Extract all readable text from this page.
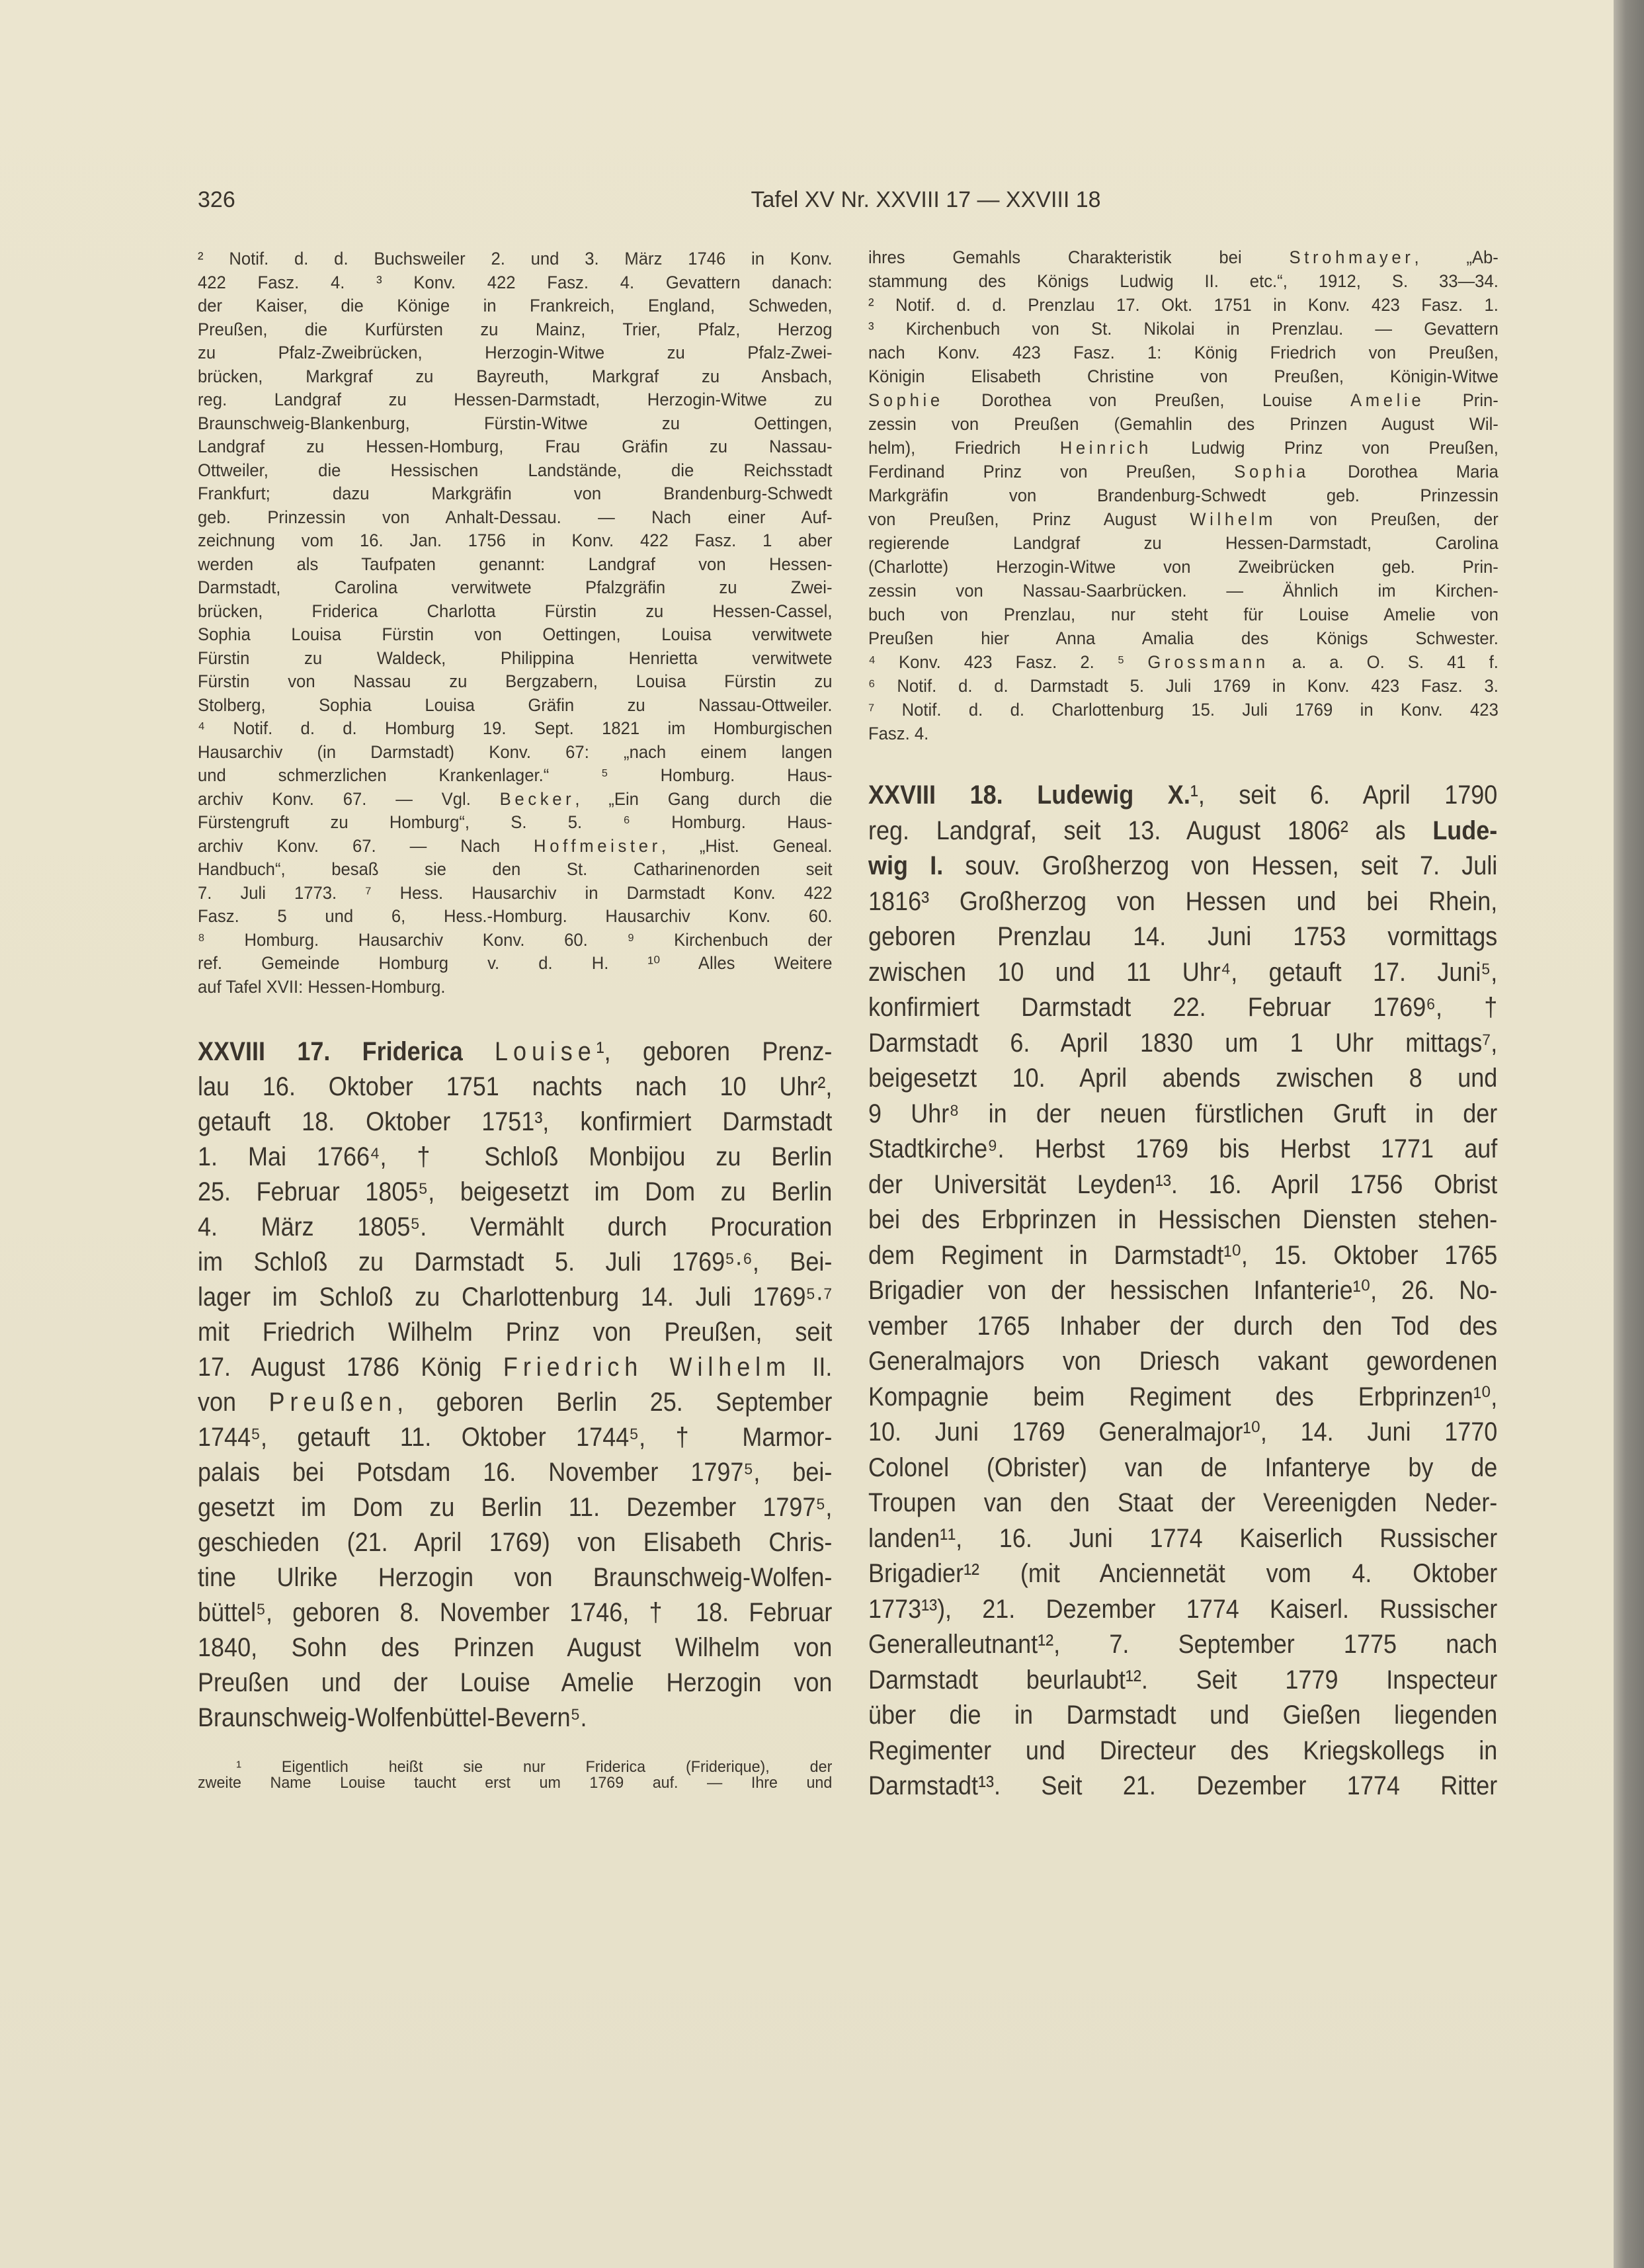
326	Tafel XV Nr. XXVIII 17 — XXVIII 18
² Notif. d. d. Buchsweiler 2. und 3. März 1746 in Konv.
422 Fasz. 4. ³ Konv. 422 Fasz. 4. Gevattern danach:
der Kaiser, die Könige in Frankreich, England, Schweden,
Preußen, die Kurfürsten zu Mainz, Trier, Pfalz, Herzog
zu Pfalz-Zweibrücken, Herzogin-Witwe zu Pfalz-Zwei-
brücken, Markgraf zu Bayreuth, Markgraf zu Ansbach,
reg. Landgraf zu Hessen-Darmstadt, Herzogin-Witwe zu
Braunschweig-Blankenburg, Fürstin-Witwe zu Oettingen,
Landgraf zu Hessen-Homburg, Frau Gräfin zu Nassau-
Ottweiler, die Hessischen Landstände, die Reichsstadt
Frankfurt; dazu Markgräfin von Brandenburg-Schwedt
geb. Prinzessin von Anhalt-Dessau. — Nach einer Auf-
zeichnung vom 16. Jan. 1756 in Konv. 422 Fasz. 1 aber
werden als Taufpaten genannt: Landgraf von Hessen-
Darmstadt, Carolina verwitwete Pfalzgräfin zu Zwei-
brücken, Friderica Charlotta Fürstin zu Hessen-Cassel,
Sophia Louisa Fürstin von Oettingen, Louisa verwitwete
Fürstin zu Waldeck, Philippina Henrietta verwitwete
Fürstin von Nassau zu Bergzabern, Louisa Fürstin zu
Stolberg, Sophia Louisa Gräfin zu Nassau-Ottweiler.
⁴ Notif. d. d. Homburg 19. Sept. 1821 im Homburgischen
Hausarchiv (in Darmstadt) Konv. 67: „nach einem langen
und schmerzlichen Krankenlager.“ ⁵ Homburg. Haus-
archiv Konv. 67. — Vgl. Becker, „Ein Gang durch die
Fürstengruft zu Homburg“, S. 5. ⁶ Homburg. Haus-
archiv Konv. 67. — Nach Hoffmeister, „Hist. Geneal.
Handbuch“, besaß sie den St. Catharinenorden seit
7. Juli 1773. ⁷ Hess. Hausarchiv in Darmstadt Konv. 422
Fasz. 5 und 6, Hess.-Homburg. Hausarchiv Konv. 60.
⁸ Homburg. Hausarchiv Konv. 60. ⁹ Kirchenbuch der
ref. Gemeinde Homburg v. d. H. ¹⁰ Alles Weitere
auf Tafel XVII: Hessen-Homburg.
XXVIII 17. Friderica Louise¹, geboren Prenz-
lau 16. Oktober 1751 nachts nach 10 Uhr²,
getauft 18. Oktober 1751³, konfirmiert Darmstadt
1. Mai 1766⁴, † Schloß Monbijou zu Berlin
25. Februar 1805⁵, beigesetzt im Dom zu Berlin
4. März 1805⁵. Vermählt durch Procuration
im Schloß zu Darmstadt 5. Juli 1769⁵·⁶, Bei-
lager im Schloß zu Charlottenburg 14. Juli 1769⁵·⁷
mit Friedrich Wilhelm Prinz von Preußen, seit
17. August 1786 König Friedrich Wilhelm II.
von Preußen, geboren Berlin 25. September
1744⁵, getauft 11. Oktober 1744⁵, † Marmor-
palais bei Potsdam 16. November 1797⁵, bei-
gesetzt im Dom zu Berlin 11. Dezember 1797⁵,
geschieden (21. April 1769) von Elisabeth Chris-
tine Ulrike Herzogin von Braunschweig-Wolfen-
büttel⁵, geboren 8. November 1746, † 18. Februar
1840, Sohn des Prinzen August Wilhelm von
Preußen und der Louise Amelie Herzogin von
Braunschweig-Wolfenbüttel-Bevern⁵.
¹ Eigentlich heißt sie nur Friderica (Friderique), der
zweite Name Louise taucht erst um 1769 auf. — Ihre und
ihres Gemahls Charakteristik bei Strohmayer, „Ab-
stammung des Königs Ludwig II. etc.“, 1912, S. 33—34.
² Notif. d. d. Prenzlau 17. Okt. 1751 in Konv. 423 Fasz. 1.
³ Kirchenbuch von St. Nikolai in Prenzlau. — Gevattern
nach Konv. 423 Fasz. 1: König Friedrich von Preußen,
Königin Elisabeth Christine von Preußen, Königin-Witwe
Sophie Dorothea von Preußen, Louise Amelie Prin-
zessin von Preußen (Gemahlin des Prinzen August Wil-
helm), Friedrich Heinrich Ludwig Prinz von Preußen,
Ferdinand Prinz von Preußen, Sophia Dorothea Maria
Markgräfin von Brandenburg-Schwedt geb. Prinzessin
von Preußen, Prinz August Wilhelm von Preußen, der
regierende Landgraf zu Hessen-Darmstadt, Carolina
(Charlotte) Herzogin-Witwe von Zweibrücken geb. Prin-
zessin von Nassau-Saarbrücken. — Ähnlich im Kirchen-
buch von Prenzlau, nur steht für Louise Amelie von
Preußen hier Anna Amalia des Königs Schwester.
⁴ Konv. 423 Fasz. 2. ⁵ Grossmann a. a. O. S. 41 f.
⁶ Notif. d. d. Darmstadt 5. Juli 1769 in Konv. 423 Fasz. 3.
⁷ Notif. d. d. Charlottenburg 15. Juli 1769 in Konv. 423
Fasz. 4.
XXVIII 18. Ludewig X.¹, seit 6. April 1790
reg. Landgraf, seit 13. August 1806² als Lude-
wig I. souv. Großherzog von Hessen, seit 7. Juli
1816³ Großherzog von Hessen und bei Rhein,
geboren Prenzlau 14. Juni 1753 vormittags
zwischen 10 und 11 Uhr⁴, getauft 17. Juni⁵,
konfirmiert Darmstadt 22. Februar 1769⁶, †
Darmstadt 6. April 1830 um 1 Uhr mittags⁷,
beigesetzt 10. April abends zwischen 8 und
9 Uhr⁸ in der neuen fürstlichen Gruft in der
Stadtkirche⁹. Herbst 1769 bis Herbst 1771 auf
der Universität Leyden¹³. 16. April 1756 Obrist
bei des Erbprinzen in Hessischen Diensten stehen-
dem Regiment in Darmstadt¹⁰, 15. Oktober 1765
Brigadier von der hessischen Infanterie¹⁰, 26. No-
vember 1765 Inhaber der durch den Tod des
Generalmajors von Driesch vakant gewordenen
Kompagnie beim Regiment des Erbprinzen¹⁰,
10. Juni 1769 Generalmajor¹⁰, 14. Juni 1770
Colonel (Obrister) van de Infanterye by de
Troupen van den Staat der Vereenigden Neder-
landen¹¹, 16. Juni 1774 Kaiserlich Russischer
Brigadier¹² (mit Anciennetät vom 4. Oktober
1773¹³), 21. Dezember 1774 Kaiserl. Russischer
Generalleutnant¹², 7. September 1775 nach
Darmstadt beurlaubt¹². Seit 1779 Inspecteur
über die in Darmstadt und Gießen liegenden
Regimenter und Directeur des Kriegskollegs in
Darmstadt¹³. Seit 21. Dezember 1774 Ritter
